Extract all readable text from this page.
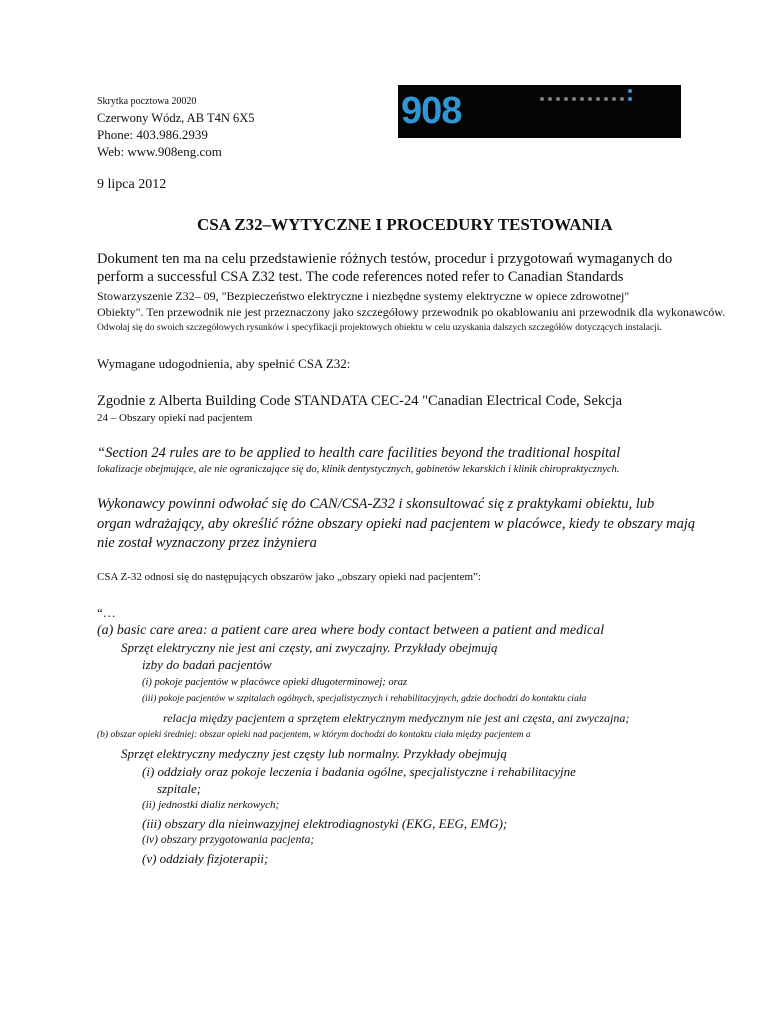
Skrytka pocztowa 20020
Czerwony Wódz, AB T4N 6X5
Phone: 403.986.2939
Web: www.908eng.com
908
9 lipca 2012
CSA Z32–WYTYCZNE I PROCEDURY TESTOWANIA
Dokument ten ma na celu przedstawienie różnych testów, procedur i przygotowań wymaganych do
perform a successful CSA Z32 test. The code references noted refer to Canadian Standards
Stowarzyszenie Z32– 09, "Bezpieczeństwo elektryczne i niezbędne systemy elektryczne w opiece zdrowotnej"
Obiekty". Ten przewodnik nie jest przeznaczony jako szczegółowy przewodnik po okablowaniu ani przewodnik dla wykonawców.
Odwołaj się do swoich szczegółowych rysunków i specyfikacji projektowych obiektu w celu uzyskania dalszych szczegółów dotyczących instalacji.
Wymagane udogodnienia, aby spełnić CSA Z32:
Zgodnie z Alberta Building Code STANDATA CEC-24 "Canadian Electrical Code, Sekcja
24 – Obszary opieki nad pacjentem
“Section 24 rules are to be applied to health care facilities beyond the traditional hospital
lokalizacje obejmujące, ale nie ograniczające się do, klinik dentystycznych, gabinetów lekarskich i klinik chiropraktycznych.
Wykonawcy powinni odwołać się do CAN/CSA-Z32 i skonsultować się z praktykami obiektu, lub
organ wdrażający, aby określić różne obszary opieki nad pacjentem w placówce, kiedy te obszary mają
nie został wyznaczony przez inżyniera
CSA Z-32 odnosi się do następujących obszarów jako „obszary opieki nad pacjentem”:
“…
(a) basic care area: a patient care area where body contact between a patient and medical
Sprzęt elektryczny nie jest ani częsty, ani zwyczajny. Przykłady obejmują
izby do badań pacjentów
(i) pokoje pacjentów w placówce opieki długoterminowej; oraz
(iii) pokoje pacjentów w szpitalach ogólnych, specjalistycznych i rehabilitacyjnych, gdzie dochodzi do kontaktu ciała
relacja między pacjentem a sprzętem elektrycznym medycznym nie jest ani częsta, ani zwyczajna;
(b) obszar opieki średniej: obszar opieki nad pacjentem, w którym dochodzi do kontaktu ciała między pacjentem a
Sprzęt elektryczny medyczny jest częsty lub normalny. Przykłady obejmują
(i) oddziały oraz pokoje leczenia i badania ogólne, specjalistyczne i rehabilitacyjne
szpitale;
(ii) jednostki dializ nerkowych;
(iii) obszary dla nieinwazyjnej elektrodiagnostyki (EKG, EEG, EMG);
(iv) obszary przygotowania pacjenta;
(v) oddziały fizjoterapii;
